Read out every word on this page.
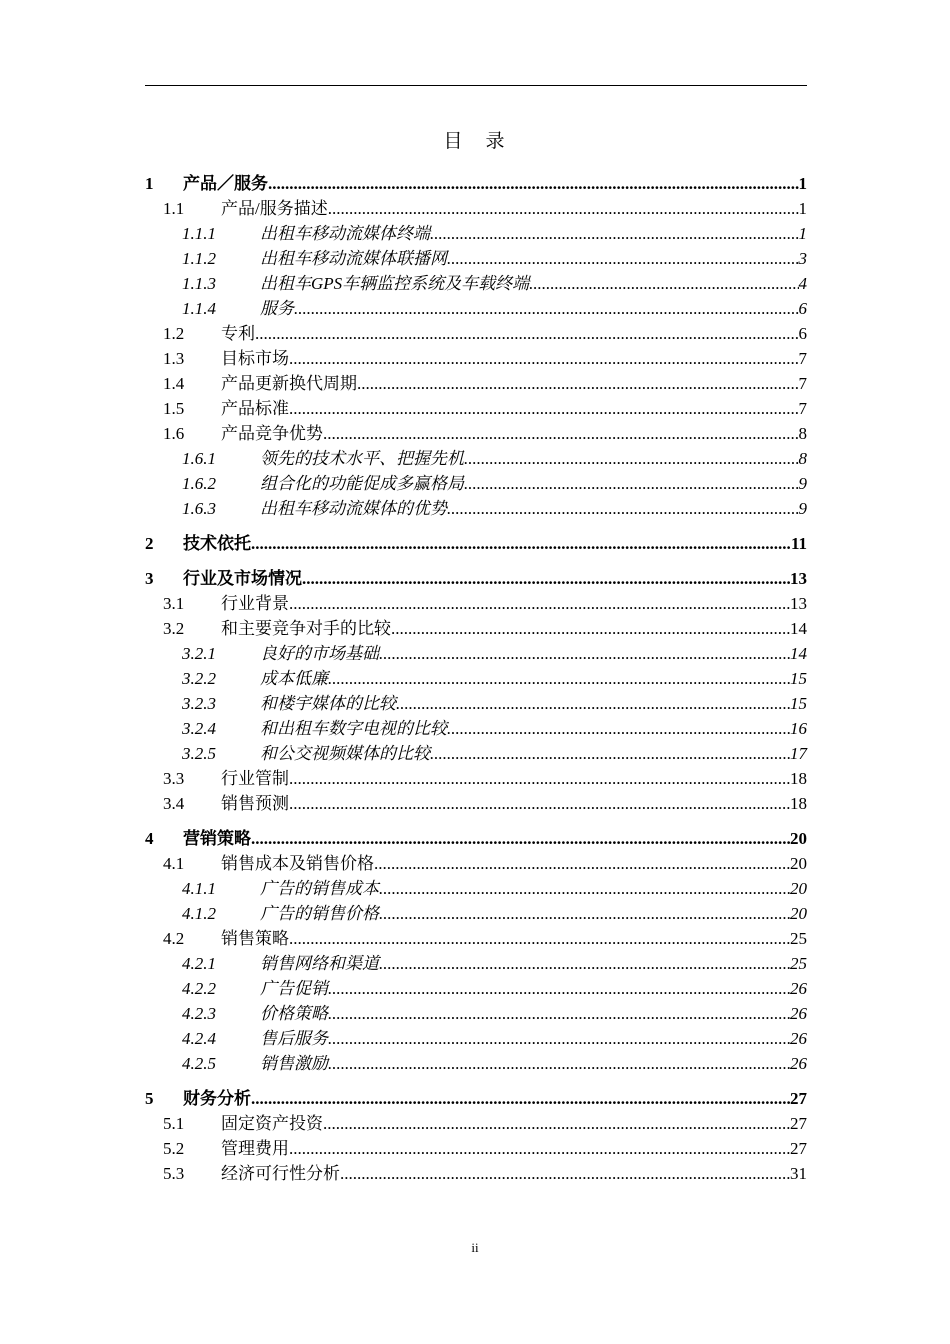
目　录
1	产品／服务 .....	1
1.1	产品/服务描述 .....	1
1.1.1	出租车移动流媒体终端 .....	1
1.1.2	出租车移动流媒体联播网 .....	3
1.1.3	出租车GPS车辆监控系统及车载终端 .....	4
1.1.4	服务 .....	6
1.2	专利 .....	6
1.3	目标市场 .....	7
1.4	产品更新换代周期 .....	7
1.5	产品标准 .....	7
1.6	产品竞争优势 .....	8
1.6.1	领先的技术水平、把握先机 .....	8
1.6.2	组合化的功能促成多赢格局 .....	9
1.6.3	出租车移动流媒体的优势 .....	9
2	技术依托 .....	11
3	行业及市场情况 .....	13
3.1	行业背景 .....	13
3.2	和主要竞争对手的比较 .....	14
3.2.1	良好的市场基础 .....	14
3.2.2	成本低廉 .....	15
3.2.3	和楼宇媒体的比较 .....	15
3.2.4	和出租车数字电视的比较 .....	16
3.2.5	和公交视频媒体的比较 .....	17
3.3	行业管制 .....	18
3.4	销售预测 .....	18
4	营销策略 .....	20
4.1	销售成本及销售价格 .....	20
4.1.1	广告的销售成本 .....	20
4.1.2	广告的销售价格 .....	20
4.2	销售策略 .....	25
4.2.1	销售网络和渠道 .....	25
4.2.2	广告促销 .....	26
4.2.3	价格策略 .....	26
4.2.4	售后服务 .....	26
4.2.5	销售激励 .....	26
5	财务分析 .....	27
5.1	固定资产投资 .....	27
5.2	管理费用 .....	27
5.3	经济可行性分析 .....	31
ii
